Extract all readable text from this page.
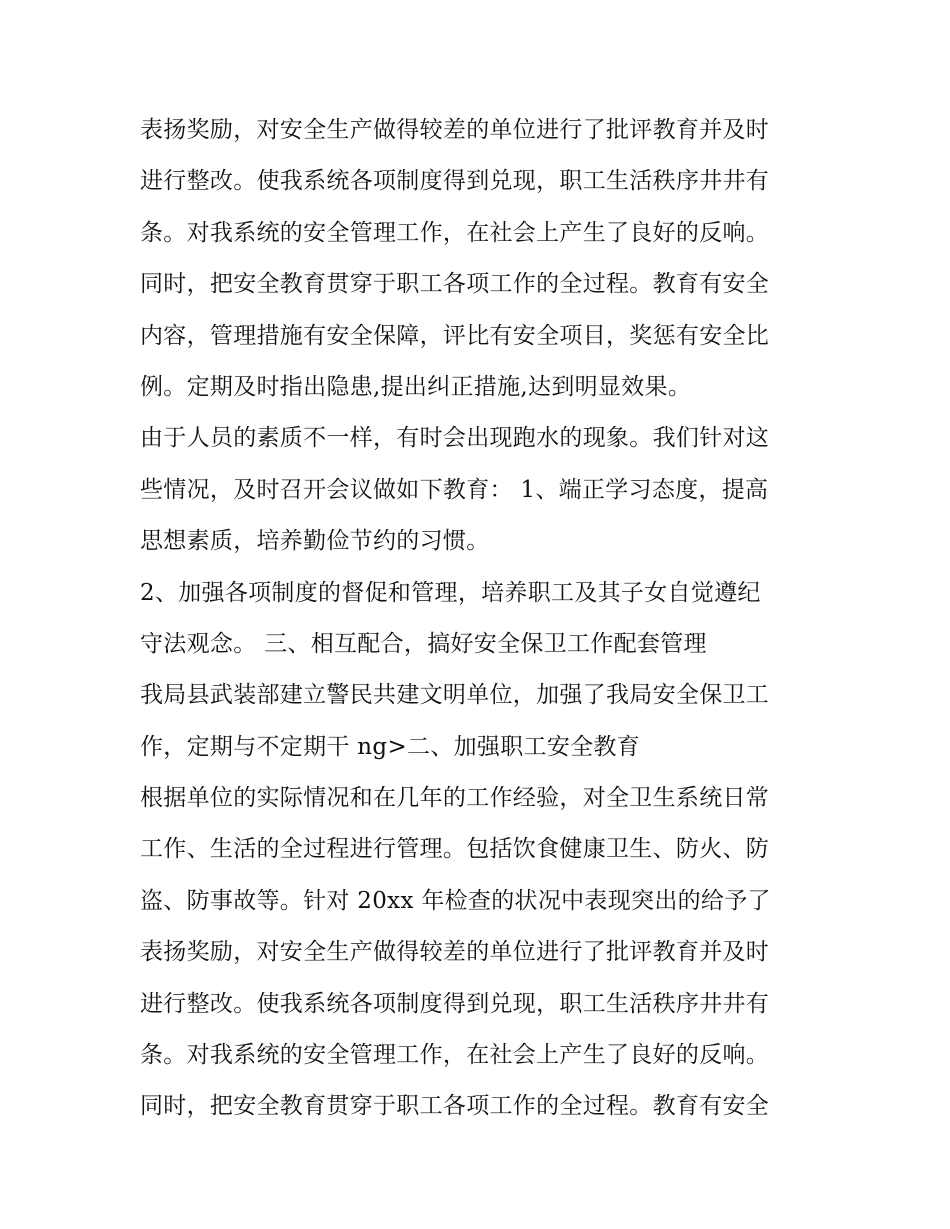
表扬奖励，对安全生产做得较差的单位进行了批评教育并及时
进行整改。使我系统各项制度得到兑现，职工生活秩序井井有
条。对我系统的安全管理工作，在社会上产生了良好的反响。
同时，把安全教育贯穿于职工各项工作的全过程。教育有安全
内容，管理措施有安全保障，评比有安全项目，奖惩有安全比
例。定期及时指出隐患,提出纠正措施,达到明显效果。
由于人员的素质不一样，有时会出现跑水的现象。我们针对这
些情况，及时召开会议做如下教育： 1、端正学习态度，提高
思想素质，培养勤俭节约的习惯。
2、加强各项制度的督促和管理，培养职工及其子女自觉遵纪
守法观念。 三、相互配合，搞好安全保卫工作配套管理
我局县武装部建立警民共建文明单位，加强了我局安全保卫工
作，定期与不定期干 ng>二、加强职工安全教育
根据单位的实际情况和在几年的工作经验，对全卫生系统日常
工作、生活的全过程进行管理。包括饮食健康卫生、防火、防
盗、防事故等。针对 20xx 年检查的状况中表现突出的给予了
表扬奖励，对安全生产做得较差的单位进行了批评教育并及时
进行整改。使我系统各项制度得到兑现，职工生活秩序井井有
条。对我系统的安全管理工作，在社会上产生了良好的反响。
同时，把安全教育贯穿于职工各项工作的全过程。教育有安全
